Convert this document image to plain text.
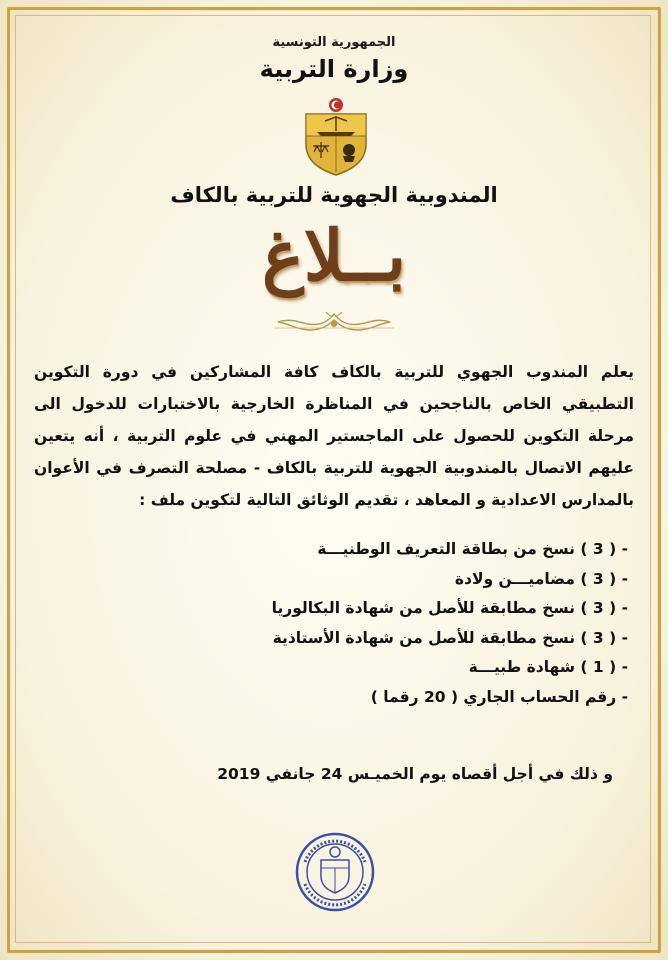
الجمهورية التونسية
وزارة التربية
المندوبية الجهوية للتربية بالكاف
بــلاغ
يعلم المندوب الجهوي للتربية بالكاف كافة المشاركين في دورة التكوين التطبيقي الخاص بالناجحين في المناظرة الخارجية بالاختبارات للدخول الى مرحلة التكوين للحصول على الماجستير المهني في علوم التربية ، أنه يتعين عليهم الاتصال بالمندوبية الجهوية للتربية بالكاف - مصلحة التصرف في الأعوان بالمدارس الاعدادية و المعاهد ، تقديم الوثائق التالية لتكوين ملف :
- ( 3 ) نسخ من بطاقة التعريف الوطنيـــة
- ( 3 ) مضاميـــن ولادة
- ( 3 ) نسخ مطابقة للأصل من شهادة البكالوريا
- ( 3 ) نسخ مطابقة للأصل من شهادة الأستاذية
- ( 1 ) شهادة طبيـــة
- رقم الحساب الجاري ( 20 رقما )
و ذلك في أجل أقصاه يوم الخميـس 24 جانفي 2019
